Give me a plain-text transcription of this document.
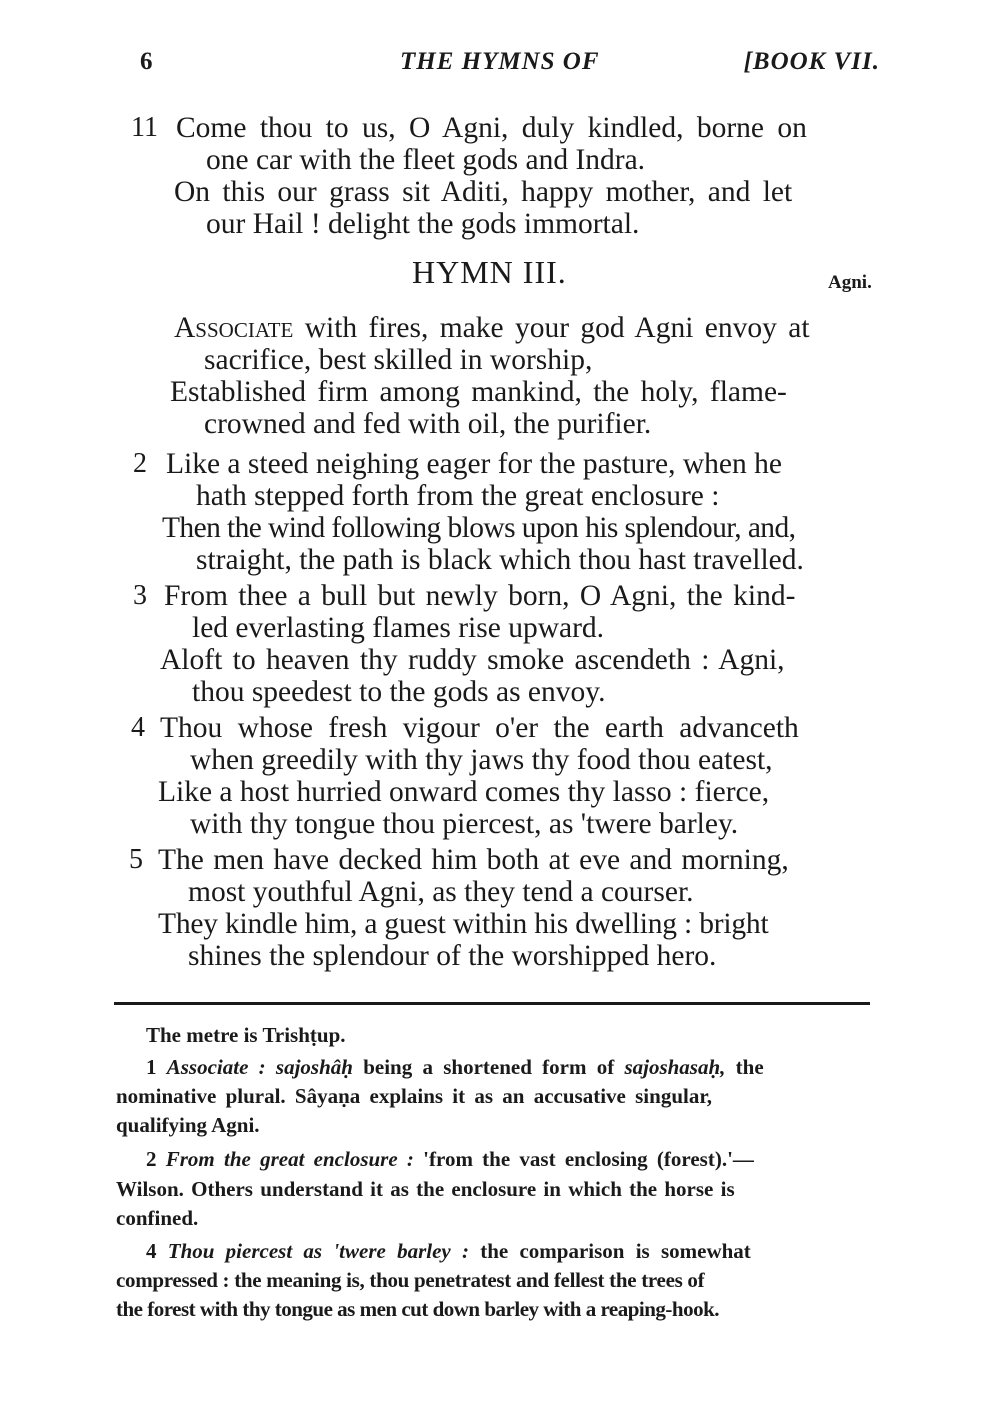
6	THE HYMNS OF	[BOOK VII.
11 Come thou to us, O Agni, duly kindled, borne on
one car with the fleet gods and Indra.
On this our grass sit Aditi, happy mother, and let
our Hail ! delight the gods immortal.
HYMN III.	Agni.
Associate with fires, make your god Agni envoy at
sacrifice, best skilled in worship,
Established firm among mankind, the holy, flame-
crowned and fed with oil, the purifier.
2 Like a steed neighing eager for the pasture, when he
hath stepped forth from the great enclosure :
Then the wind following blows upon his splendour, and,
straight, the path is black which thou hast travelled.
3 From thee a bull but newly born, O Agni, the kind-
led everlasting flames rise upward.
Aloft to heaven thy ruddy smoke ascendeth : Agni,
thou speedest to the gods as envoy.
4 Thou whose fresh vigour o'er the earth advanceth
when greedily with thy jaws thy food thou eatest,
Like a host hurried onward comes thy lasso : fierce,
with thy tongue thou piercest, as 'twere barley.
5 The men have decked him both at eve and morning,
most youthful Agni, as they tend a courser.
They kindle him, a guest within his dwelling : bright
shines the splendour of the worshipped hero.
The metre is Trishṭup.
1 Associate : sajoshâḥ being a shortened form of sajoshasaḥ, the
nominative plural. Sâyaṇa explains it as an accusative singular,
qualifying Agni.
2 From the great enclosure : 'from the vast enclosing (forest).'—
Wilson. Others understand it as the enclosure in which the horse is
confined.
4 Thou piercest as 'twere barley : the comparison is somewhat
compressed : the meaning is, thou penetratest and fellest the trees of
the forest with thy tongue as men cut down barley with a reaping-hook.
